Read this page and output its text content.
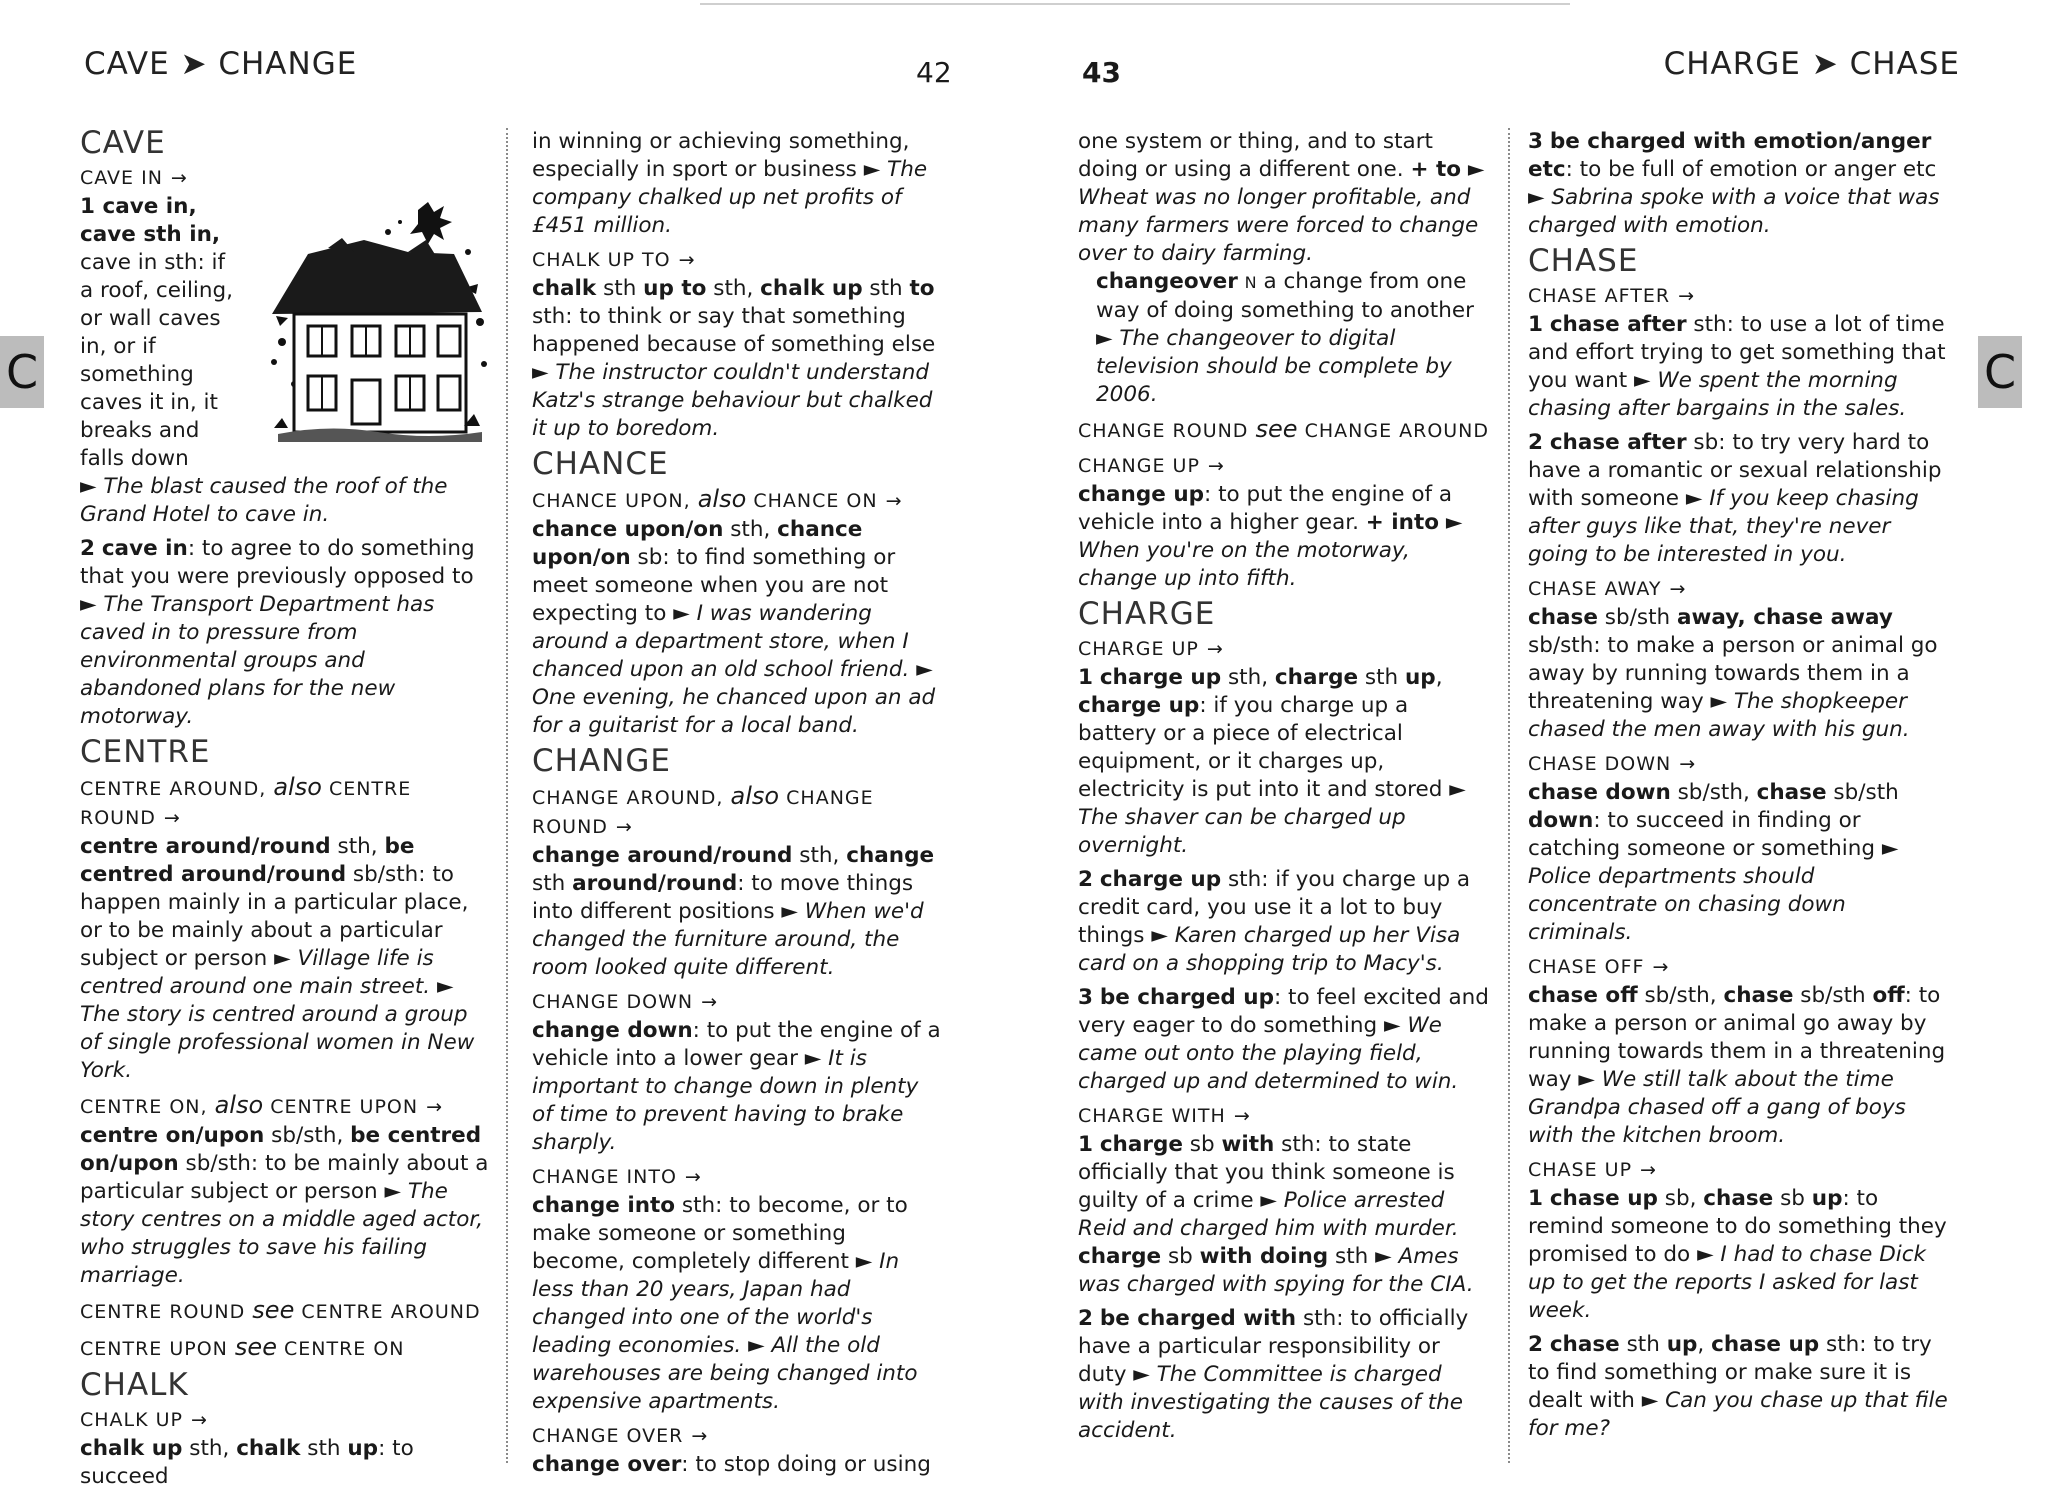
CAVE ➤ CHANGE	42	43	CHARGE ➤ CHASE
C	C

CAVE

CAVE IN →

1 cave in,

cave sth in,

cave in sth: if

a roof, ceiling,

or wall caves

in, or if

something

caves it in, it

breaks and

falls down

► The blast caused the roof of the Grand Hotel to cave in.

2 cave in: to agree to do something that you were previously opposed to ► The Transport Department has caved in to pressure from environmental groups and abandoned plans for the new motorway.

CENTRE

CENTRE AROUND, also CENTRE ROUND →

centre around/round sth, be centred around/round sb/sth: to happen mainly in a particular place, or to be mainly about a particular subject or person ► Village life is centred around one main street. ► The story is centred around a group of single professional women in New York.

CENTRE ON, also CENTRE UPON →

centre on/upon sb/sth, be centred on/upon sb/sth: to be mainly about a particular subject or person ► The story centres on a middle aged actor, who struggles to save his failing marriage.

CENTRE ROUND see CENTRE AROUND

CENTRE UPON see CENTRE ON

CHALK

CHALK UP →

chalk up sth, chalk sth up: to succeed

in winning or achieving something, especially in sport or business ► The company chalked up net profits of £451 million.

CHALK UP TO →

chalk sth up to sth, chalk up sth to sth: to think or say that something happened because of something else ► The instructor couldn't understand Katz's strange behaviour but chalked it up to boredom.

CHANCE

CHANCE UPON, also CHANCE ON →

chance upon/on sth, chance upon/on sb: to find something or meet someone when you are not expecting to ► I was wandering around a department store, when I chanced upon an old school friend. ► One evening, he chanced upon an ad for a guitarist for a local band.

CHANGE

CHANGE AROUND, also CHANGE ROUND →

change around/round sth, change sth around/round: to move things into different positions ► When we'd changed the furniture around, the room looked quite different.

CHANGE DOWN →

change down: to put the engine of a vehicle into a lower gear ► It is important to change down in plenty of time to prevent having to brake sharply.

CHANGE INTO →

change into sth: to become, or to make someone or something become, completely different ► In less than 20 years, Japan had changed into one of the world's leading economies. ► All the old warehouses are being changed into expensive apartments.

CHANGE OVER →

change over: to stop doing or using

one system or thing, and to start doing or using a different one. + to ► Wheat was no longer profitable, and many farmers were forced to change over to dairy farming.

changeover N a change from one way of doing something to another ► The changeover to digital television should be complete by 2006.

CHANGE ROUND see CHANGE AROUND

CHANGE UP →

change up: to put the engine of a vehicle into a higher gear. + into ► When you're on the motorway, change up into fifth.

CHARGE

CHARGE UP →

1 charge up sth, charge sth up, charge up: if you charge up a battery or a piece of electrical equipment, or it charges up, electricity is put into it and stored ► The shaver can be charged up overnight.

2 charge up sth: if you charge up a credit card, you use it a lot to buy things ► Karen charged up her Visa card on a shopping trip to Macy's.

3 be charged up: to feel excited and very eager to do something ► We came out onto the playing field, charged up and determined to win.

CHARGE WITH →

1 charge sb with sth: to state officially that you think someone is guilty of a crime ► Police arrested Reid and charged him with murder. charge sb with doing sth ► Ames was charged with spying for the CIA.

2 be charged with sth: to officially have a particular responsibility or duty ► The Committee is charged with investigating the causes of the accident.

3 be charged with emotion/anger etc: to be full of emotion or anger etc ► Sabrina spoke with a voice that was charged with emotion.

CHASE

CHASE AFTER →

1 chase after sth: to use a lot of time and effort trying to get something that you want ► We spent the morning chasing after bargains in the sales.

2 chase after sb: to try very hard to have a romantic or sexual relationship with someone ► If you keep chasing after guys like that, they're never going to be interested in you.

CHASE AWAY →

chase sb/sth away, chase away sb/sth: to make a person or animal go away by running towards them in a threatening way ► The shopkeeper chased the men away with his gun.

CHASE DOWN →

chase down sb/sth, chase sb/sth down: to succeed in finding or catching someone or something ► Police departments should concentrate on chasing down criminals.

CHASE OFF →

chase off sb/sth, chase sb/sth off: to make a person or animal go away by running towards them in a threatening way ► We still talk about the time Grandpa chased off a gang of boys with the kitchen broom.

CHASE UP →

1 chase up sb, chase sb up: to remind someone to do something they promised to do ► I had to chase Dick up to get the reports I asked for last week.

2 chase sth up, chase up sth: to try to find something or make sure it is dealt with ► Can you chase up that file for me?
